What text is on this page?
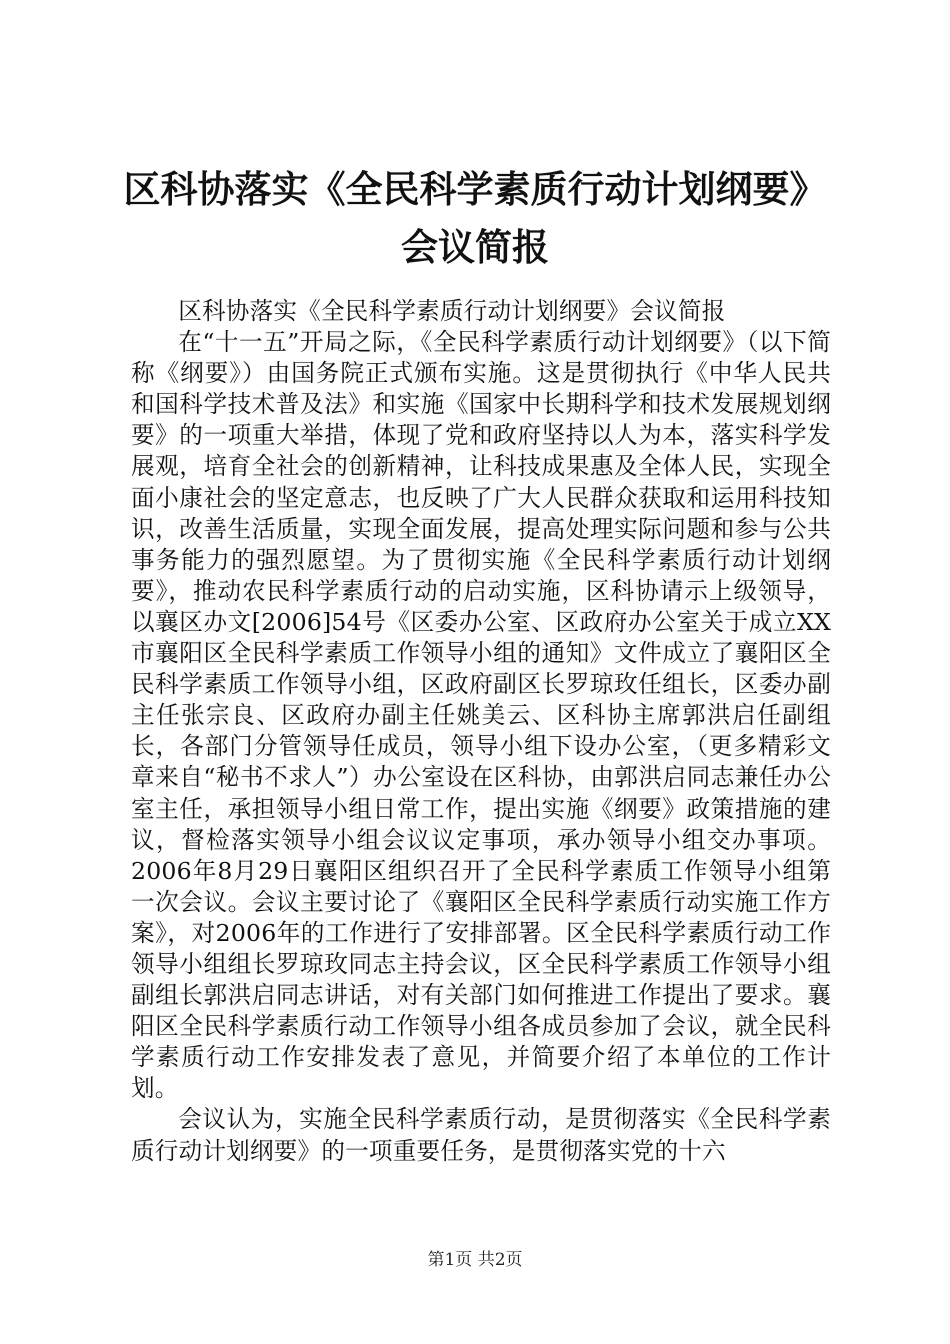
区科协落实《全民科学素质行动计划纲要》会议简报

区科协落实《全民科学素质行动计划纲要》会议简报

在“十一五”开局之际，《全民科学素质行动计划纲要》（以下简称《纲要》）由国务院正式颁布实施。这是贯彻执行《中华人民共和国科学技术普及法》和实施《国家中长期科学和技术发展规划纲要》的一项重大举措，体现了党和政府坚持以人为本，落实科学发展观，培育全社会的创新精神，让科技成果惠及全体人民，实现全面小康社会的坚定意志，也反映了广大人民群众获取和运用科技知识，改善生活质量，实现全面发展，提高处理实际问题和参与公共事务能力的强烈愿望。为了贯彻实施《全民科学素质行动计划纲要》，推动农民科学素质行动的启动实施，区科协请示上级领导，以襄区办文[2006]54号《区委办公室、区政府办公室关于成立XX市襄阳区全民科学素质工作领导小组的通知》文件成立了襄阳区全民科学素质工作领导小组，区政府副区长罗琼玫任组长，区委办副主任张宗良、区政府办副主任姚美云、区科协主席郭洪启任副组长，各部门分管领导任成员，领导小组下设办公室，（更多精彩文章来自“秘书不求人”）办公室设在区科协，由郭洪启同志兼任办公室主任，承担领导小组日常工作，提出实施《纲要》政策措施的建议，督检落实领导小组会议议定事项，承办领导小组交办事项。2006年8月29日襄阳区组织召开了全民科学素质工作领导小组第一次会议。会议主要讨论了《襄阳区全民科学素质行动实施工作方案》，对2006年的工作进行了安排部署。区全民科学素质行动工作领导小组组长罗琼玫同志主持会议，区全民科学素质工作领导小组副组长郭洪启同志讲话，对有关部门如何推进工作提出了要求。襄阳区全民科学素质行动工作领导小组各成员参加了会议，就全民科学素质行动工作安排发表了意见，并简要介绍了本单位的工作计划。

会议认为，实施全民科学素质行动，是贯彻落实《全民科学素质行动计划纲要》的一项重要任务，是贯彻落实党的十六

第1页 共2页
